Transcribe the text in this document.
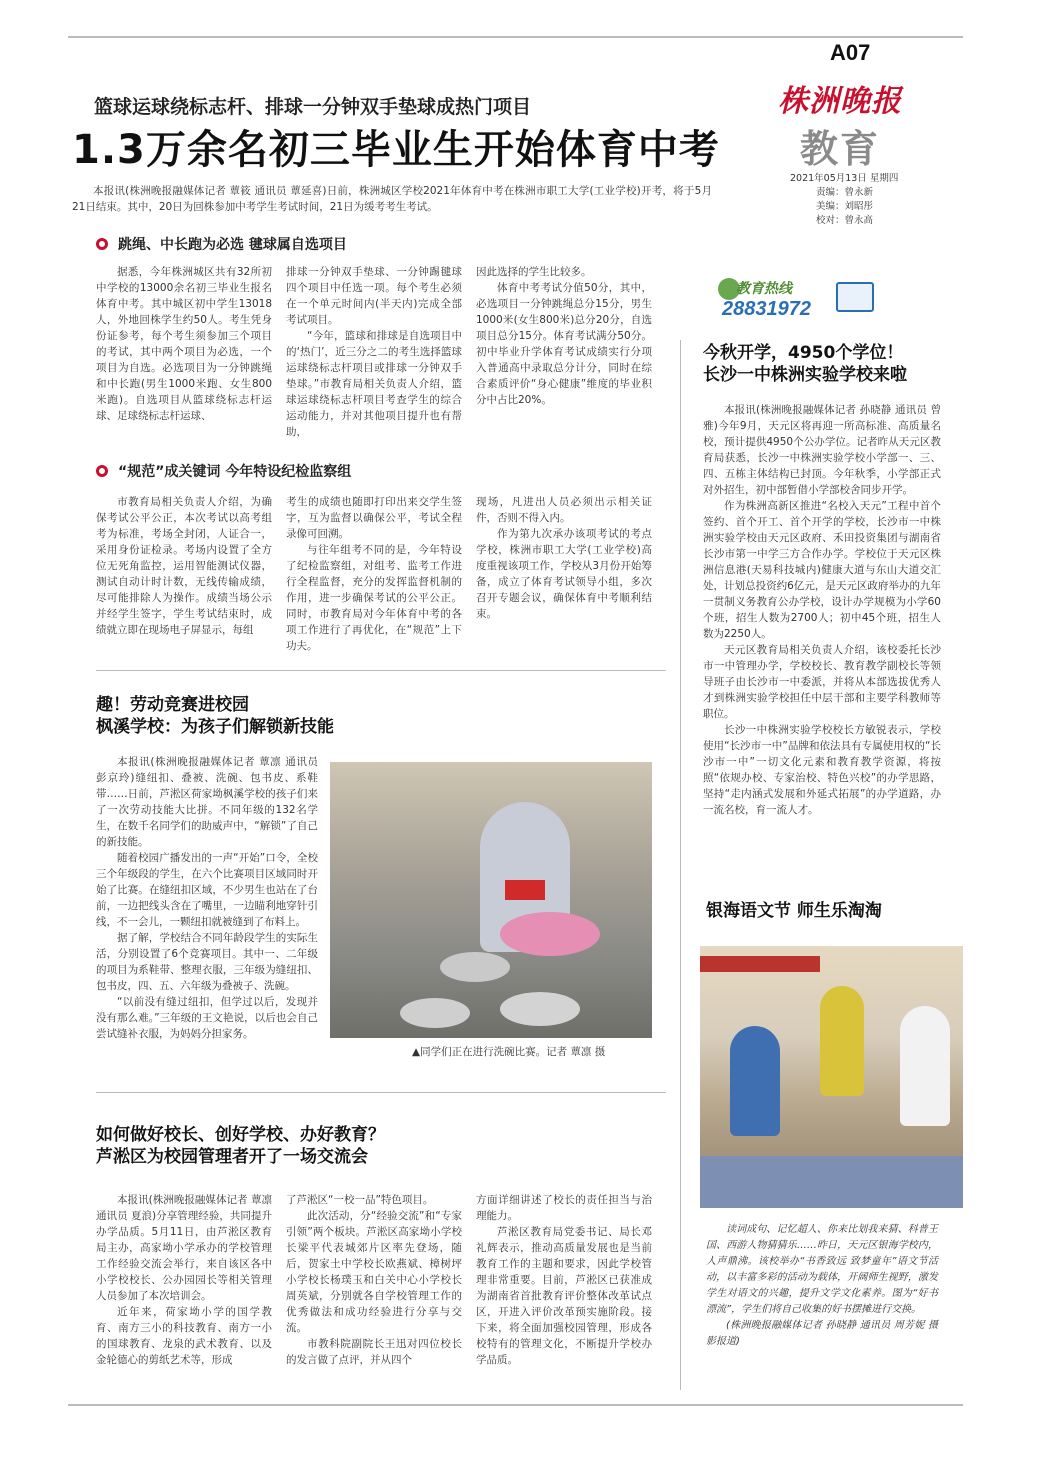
A07
株洲晚报
教育
2021年05月13日 星期四
责编：曾永新
美编：刘昭彤
校对：曾永高
篮球运球绕标志杆、排球一分钟双手垫球成热门项目
1.3万余名初三毕业生开始体育中考

本报讯(株洲晚报融媒体记者 蕈筱 通讯员 蕈延喜)日前，株洲城区学校2021年体育中考在株洲市职工大学(工业学校)开考，将于5月21日结束。其中，20日为回株参加中考学生考试时间，21日为缓考考生考试。

跳绳、中长跑为必选 毽球属自选项目

据悉，今年株洲城区共有32所初中学校的13000余名初三毕业生报名体育中考。其中城区初中学生13018人，外地回株学生约50人。考生凭身份证参考，每个考生须参加三个项目的考试，其中两个项目为必选，一个项目为自选。必选项目为一分钟跳绳和中长跑(男生1000米跑、女生800米跑)。自选项目从篮球绕标志杆运球、足球绕标志杆运球、

排球一分钟双手垫球、一分钟踢毽球四个项目中任选一项。每个考生必须在一个单元时间内(半天内)完成全部考试项目。

“今年，篮球和排球是自选项目中的‘热门’，近三分之二的考生选择篮球运球绕标志杆项目或排球一分钟双手垫球。”市教育局相关负责人介绍，篮球运球绕标志杆项目考查学生的综合运动能力，并对其他项目提升也有帮助，

因此选择的学生比较多。

体育中考考试分值50分，其中，必选项目一分钟跳绳总分15分，男生1000米(女生800米)总分20分，自选项目总分15分。体育考试满分50分。初中毕业升学体育考试成绩实行分项入普通高中录取总分计分，同时在综合素质评价“身心健康”维度的毕业积分中占比20%。

“规范”成关键词 今年特设纪检监察组

市教育局相关负责人介绍，为确保考试公平公正，本次考试以高考组考为标准，考场全封闭，人证合一，采用身份证检录。考场内设置了全方位无死角监控，运用智能测试仪器，测试自动计时计数，无线传输成绩，尽可能排除人为操作。成绩当场公示并经学生签字，学生考试结束时，成绩就立即在现场电子屏显示，每组

考生的成绩也随即打印出来交学生签字，互为监督以确保公平，考试全程录像可回溯。

与往年组考不同的是，今年特设了纪检监察组，对组考、监考工作进行全程监督，充分的发挥监督机制的作用，进一步确保考试的公平公正。同时，市教育局对今年体育中考的各项工作进行了再优化，在“规范”上下功夫。

现场，凡进出人员必须出示相关证件，否则不得入内。

作为第九次承办该项考试的考点学校，株洲市职工大学(工业学校)高度重视该项工作，学校从3月份开始筹备，成立了体育考试领导小组，多次召开专题会议，确保体育中考顺利结束。

教育热线
28831972
今秋开学，4950个学位！
长沙一中株洲实验学校来啦

本报讯(株洲晚报融媒体记者 孙晓静 通讯员 曾雅)今年9月，天元区将再迎一所高标准、高质量名校，预计提供4950个公办学位。记者昨从天元区教育局获悉，长沙一中株洲实验学校小学部一、三、四、五栋主体结构已封顶。今年秋季，小学部正式对外招生，初中部暂借小学部校舍同步开学。

作为株洲高新区推进“名校入天元”工程中首个签约、首个开工、首个开学的学校，长沙市一中株洲实验学校由天元区政府、禾田投资集团与湖南省长沙市第一中学三方合作办学。学校位于天元区株洲信息港(天易科技城内)健康大道与东山大道交汇处，计划总投资约6亿元，是天元区政府举办的九年一贯制义务教育公办学校，设计办学规模为小学60个班，招生人数为2700人；初中45个班，招生人数为2250人。

天元区教育局相关负责人介绍，该校委托长沙市一中管理办学，学校校长、教育教学副校长等领导班子由长沙市一中委派，并将从本部选拔优秀人才到株洲实验学校担任中层干部和主要学科教师等职位。

长沙一中株洲实验学校校长方敏锐表示，学校使用“长沙市一中”品牌和依法具有专属使用权的“长沙市一中”一切文化元素和教育教学资源，将按照“依规办校、专家治校、特色兴校”的办学思路，坚持“走内涵式发展和外延式拓展”的办学道路，办一流名校，育一流人才。

银海语文节 师生乐淘淘

读词成句、记忆超人、你来比划我来猜、科普王国、西游人物猜猜乐……昨日，天元区银海学校内，人声鼎沸。该校举办“书香致远 致梦童年”语文节活动，以丰富多彩的活动为载体，开阔师生视野，激发学生对语文的兴趣，提升文学文化素养。图为“好书漂流”，学生们将自己收集的好书摆摊进行交换。

(株洲晚报融媒体记者 孙晓静 通讯员 周芳妮 摄影报道)

趣！劳动竞赛进校园
枫溪学校：为孩子们解锁新技能

本报讯(株洲晚报融媒体记者 蕈凛 通讯员 彭京玲)缝纽扣、叠被、洗碗、包书皮、系鞋带……日前，芦淞区荷家坳枫溪学校的孩子们来了一次劳动技能大比拼。不同年级的132名学生，在数千名同学们的助威声中，“解锁”了自己的新技能。

随着校园广播发出的一声“开始”口令，全校三个年级段的学生，在六个比赛项目区域同时开始了比赛。在缝纽扣区域，不少男生也站在了台前，一边把线头含在了嘴里，一边瞄利地穿针引线，不一会儿，一颗纽扣就被缝到了布料上。

据了解，学校结合不同年龄段学生的实际生活，分别设置了6个竞赛项目。其中一、二年级的项目为系鞋带、整理衣服，三年级为缝纽扣、包书皮，四、五、六年级为叠被子、洗碗。

“以前没有缝过纽扣，但学过以后，发现并没有那么难。”三年级的王文艳说，以后也会自己尝试缝补衣服，为妈妈分担家务。

▲同学们正在进行洗碗比赛。记者 蕈凛 摄
如何做好校长、创好学校、办好教育？
芦淞区为校园管理者开了一场交流会

本报讯(株洲晚报融媒体记者 蕈凛 通讯员 夏浪)分享管理经验，共同提升办学品质。5月11日，由芦淞区教育局主办，高家坳小学承办的学校管理工作经验交流会举行，来自该区各中小学校校长、公办园园长等相关管理人员参加了本次培训会。

近年来，荷家坳小学的国学教育、南方三小的科技教育、南方一小的国球教育、龙泉的武术教育、以及金轮德心的剪纸艺术等，形成

了芦淞区“一校一品”特色项目。

此次活动，分“经验交流”和“专家引领”两个板块。芦淞区高家坳小学校长梁平代表城郊片区率先登场，随后，贺家土中学校长欧燕斌、樟树坪小学校长杨璞玉和白关中心小学校长周英斌，分别就各自学校管理工作的优秀做法和成功经验进行分享与交流。

市教科院副院长王迅对四位校长的发言做了点评，并从四个

方面详细讲述了校长的责任担当与治理能力。

芦淞区教育局党委书记、局长邓礼辉表示，推动高质量发展也是当前教育工作的主题和要求，因此学校管理非常重要。目前，芦淞区已获准成为湖南省首批教育评价整体改革试点区，开进入评价改革预实施阶段。接下来，将全面加强校园管理，形成各校特有的管理文化，不断提升学校办学品质。
